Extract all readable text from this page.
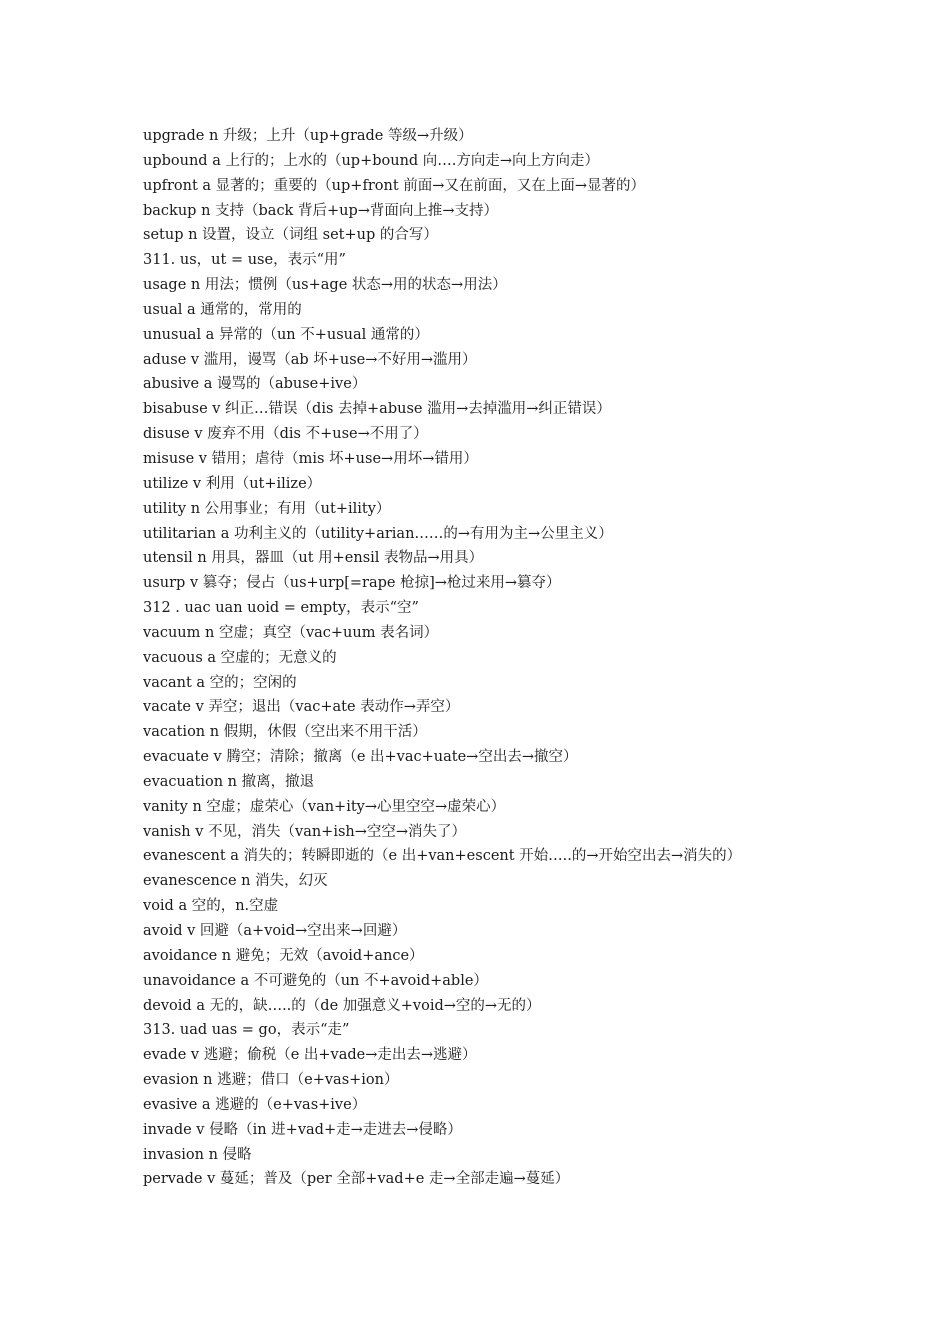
upgrade n 升级；上升（up+grade 等级→升级）
upbound a 上行的；上水的（up+bound 向….方向走→向上方向走）
upfront a 显著的；重要的（up+front 前面→又在前面，又在上面→显著的）
backup n 支持（back 背后+up→背面向上推→支持）
setup n 设置，设立（词组 set+up 的合写）
311. us，ut = use，表示“用”
usage n 用法；惯例（us+age 状态→用的状态→用法）
usual a 通常的，常用的
unusual a 异常的（un 不+usual 通常的）
aduse v 滥用，谩骂（ab 坏+use→不好用→滥用）
abusive a 谩骂的（abuse+ive）
bisabuse v 纠正…错误（dis 去掉+abuse 滥用→去掉滥用→纠正错误）
disuse v 废弃不用（dis 不+use→不用了）
misuse v 错用；虐待（mis 坏+use→用坏→错用）
utilize v 利用（ut+ilize）
utility n 公用事业；有用（ut+ility）
utilitarian a 功利主义的（utility+arian……的→有用为主→公里主义）
utensil n 用具，器皿（ut 用+ensil 表物品→用具）
usurp v 篡夺；侵占（us+urp[=rape 枪掠]→枪过来用→篡夺）
312 . uac uan uoid = empty，表示“空”
vacuum n 空虚；真空（vac+uum 表名词）
vacuous a 空虚的；无意义的
vacant a 空的；空闲的
vacate v 弄空；退出（vac+ate 表动作→弄空）
vacation n 假期，休假（空出来不用干活）
evacuate v 腾空；清除；撤离（e 出+vac+uate→空出去→撤空）
evacuation n 撤离，撤退
vanity n 空虚；虚荣心（van+ity→心里空空→虚荣心）
vanish v 不见，消失（van+ish→空空→消失了）
evanescent a 消失的；转瞬即逝的（e 出+van+escent 开始…..的→开始空出去→消失的）
evanescence n 消失，幻灭
void a 空的，n.空虚
avoid v 回避（a+void→空出来→回避）
avoidance n 避免；无效（avoid+ance）
unavoidance a 不可避免的（un 不+avoid+able）
devoid a 无的，缺…..的（de 加强意义+void→空的→无的）
313. uad uas = go，表示“走”
evade v 逃避；偷税（e 出+vade→走出去→逃避）
evasion n 逃避；借口（e+vas+ion）
evasive a 逃避的（e+vas+ive）
invade v 侵略（in 进+vad+走→走进去→侵略）
invasion n 侵略
pervade v 蔓延；普及（per 全部+vad+e 走→全部走遍→蔓延）
